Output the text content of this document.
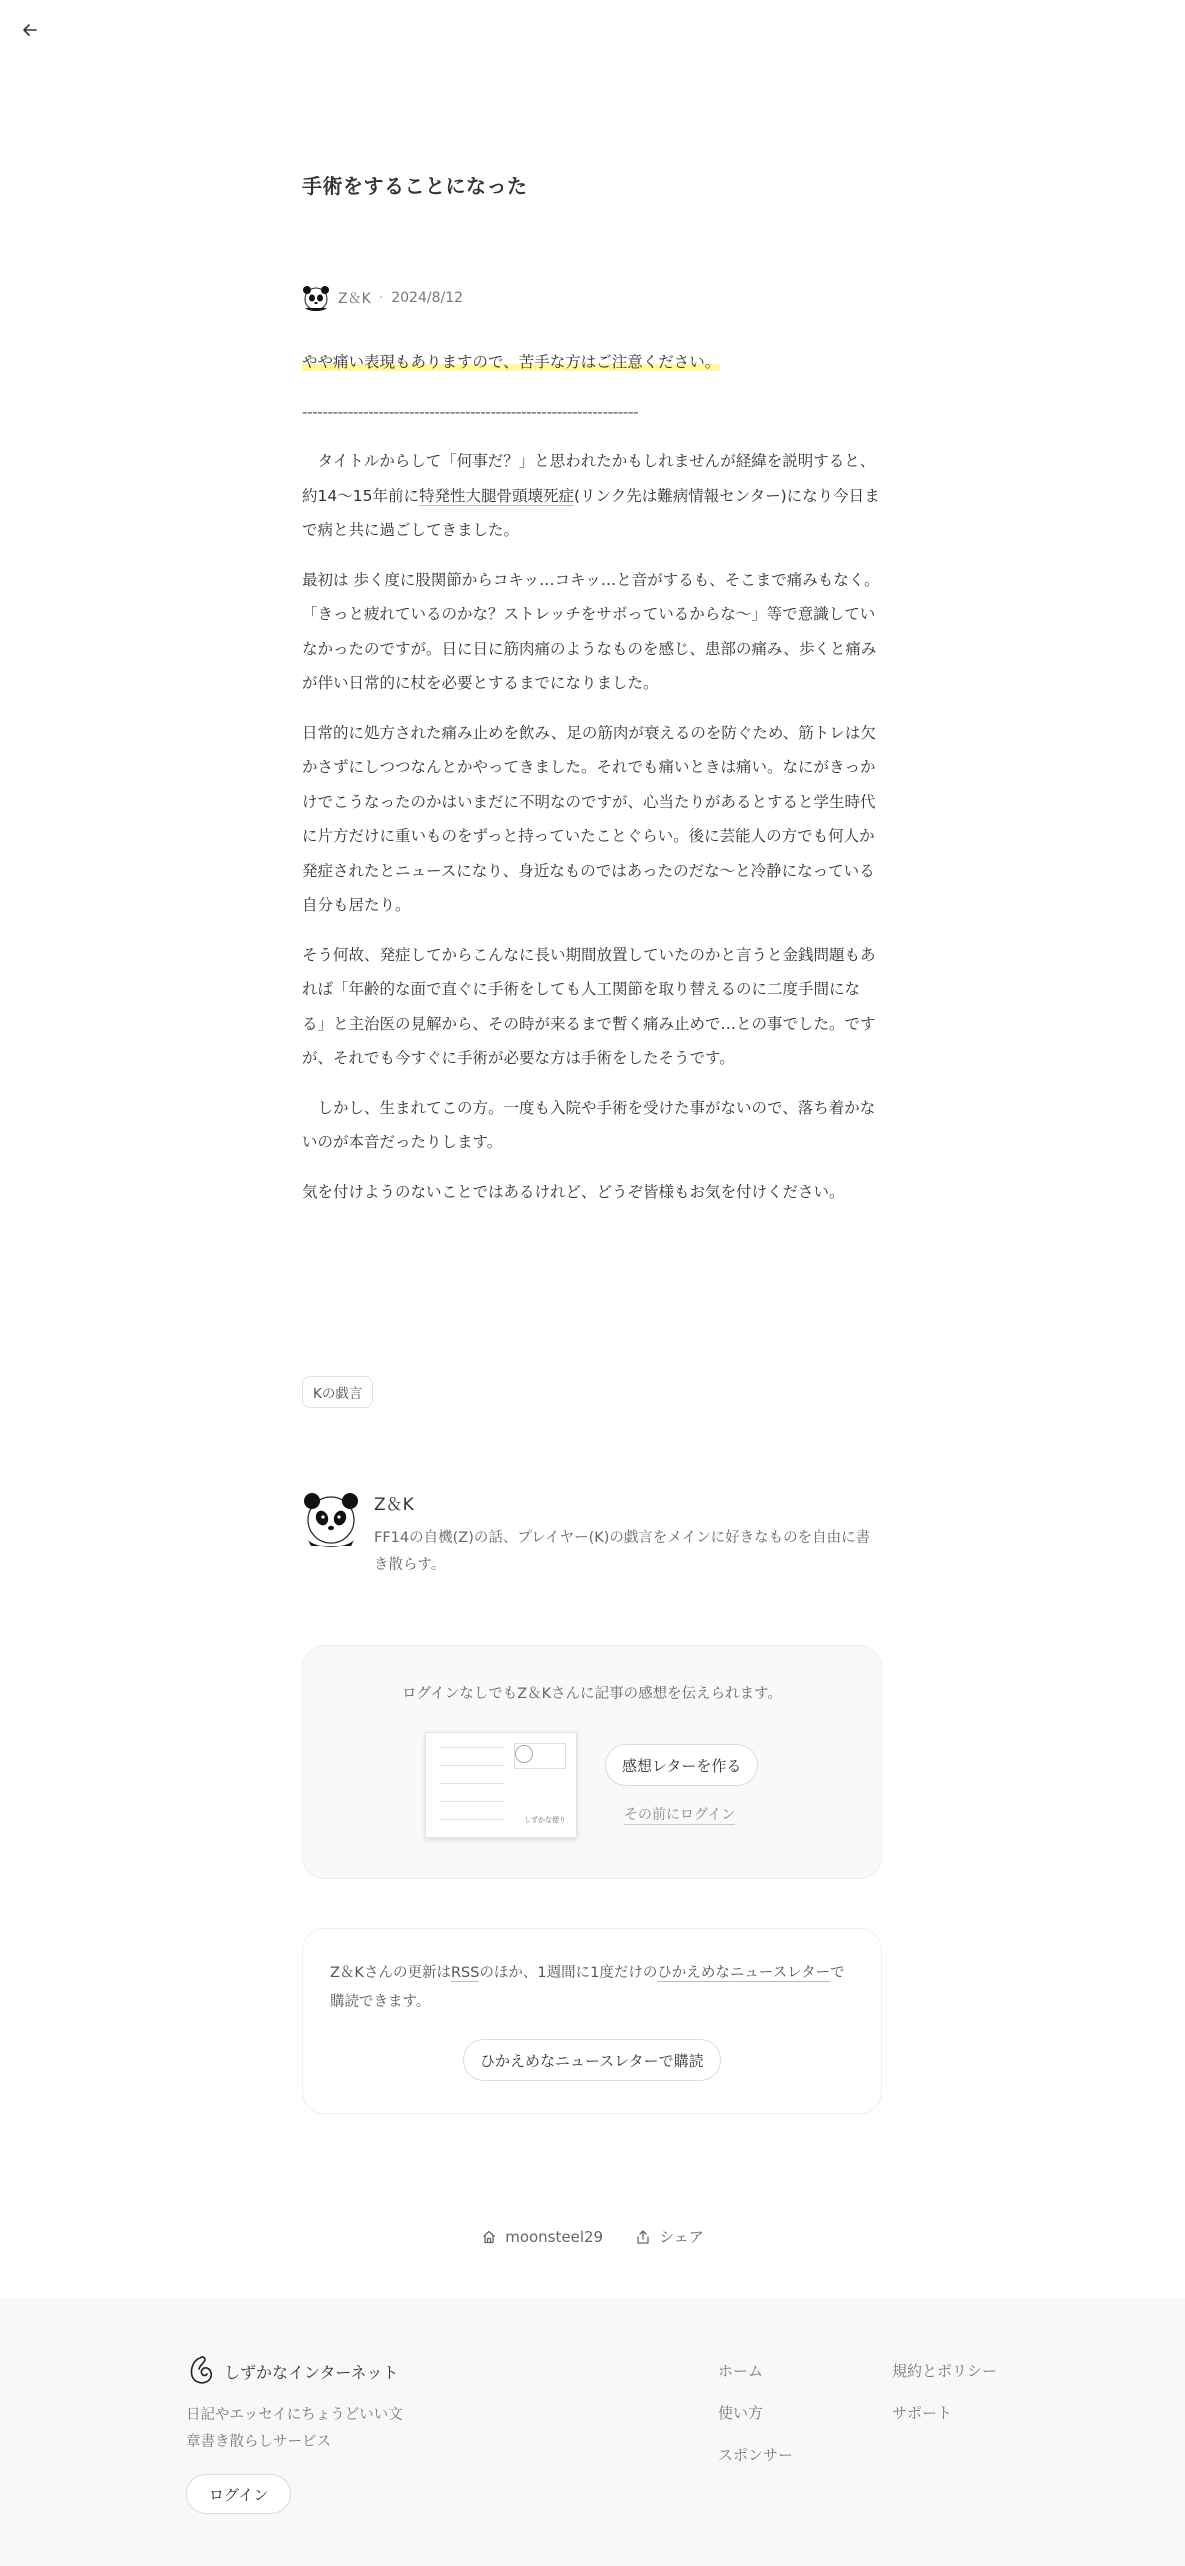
手術をすることになった
Z＆K · 2024/8/12

やや痛い表現もありますので、苦手な方はご注意ください。

------------------------------------------------------------------

　タイトルからして「何事だ？」と思われたかもしれませんが経緯を説明すると、約14〜15年前に特発性大腿骨頭壊死症(リンク先は難病情報センター)になり今日まで病と共に過ごしてきました。

最初は 歩く度に股関節からコキッ…コキッ…と音がするも、そこまで痛みもなく。「きっと疲れているのかな？ストレッチをサボっているからな〜」等で意識していなかったのですが。日に日に筋肉痛のようなものを感じ、患部の痛み、歩くと痛みが伴い日常的に杖を必要とするまでになりました。

日常的に処方された痛み止めを飲み、足の筋肉が衰えるのを防ぐため、筋トレは欠かさずにしつつなんとかやってきました。それでも痛いときは痛い。なにがきっかけでこうなったのかはいまだに不明なのですが、心当たりがあるとすると学生時代に片方だけに重いものをずっと持っていたことぐらい。後に芸能人の方でも何人か発症されたとニュースになり、身近なものではあったのだな〜と冷静になっている自分も居たり。

そう何故、発症してからこんなに長い期間放置していたのかと言うと金銭問題もあれば「年齢的な面で直ぐに手術をしても人工関節を取り替えるのに二度手間になる」と主治医の見解から、その時が来るまで暫く痛み止めで…との事でした。ですが、それでも今すぐに手術が必要な方は手術をしたそうです。

　しかし、生まれてこの方。一度も入院や手術を受けた事がないので、落ち着かないのが本音だったりします。

気を付けようのないことではあるけれど、どうぞ皆様もお気を付けください。

Kの戯言
Z＆K
FF14の自機(Z)の話、プレイヤー(K)の戯言をメインに好きなものを自由に書き散らす。
ログインなしでもZ＆Kさんに記事の感想を伝えられます。
しずかな便り
感想レターを作る
その前にログイン
Z＆Kさんの更新はRSSのほか、1週間に1度だけのひかえめなニュースレターで購読できます。
ひかえめなニュースレターで購読
moonsteel29	シェア
しずかなインターネット
日記やエッセイにちょうどいい文章書き散らしサービス
ログイン
ホーム
使い方
スポンサー
規約とポリシー
サポート
